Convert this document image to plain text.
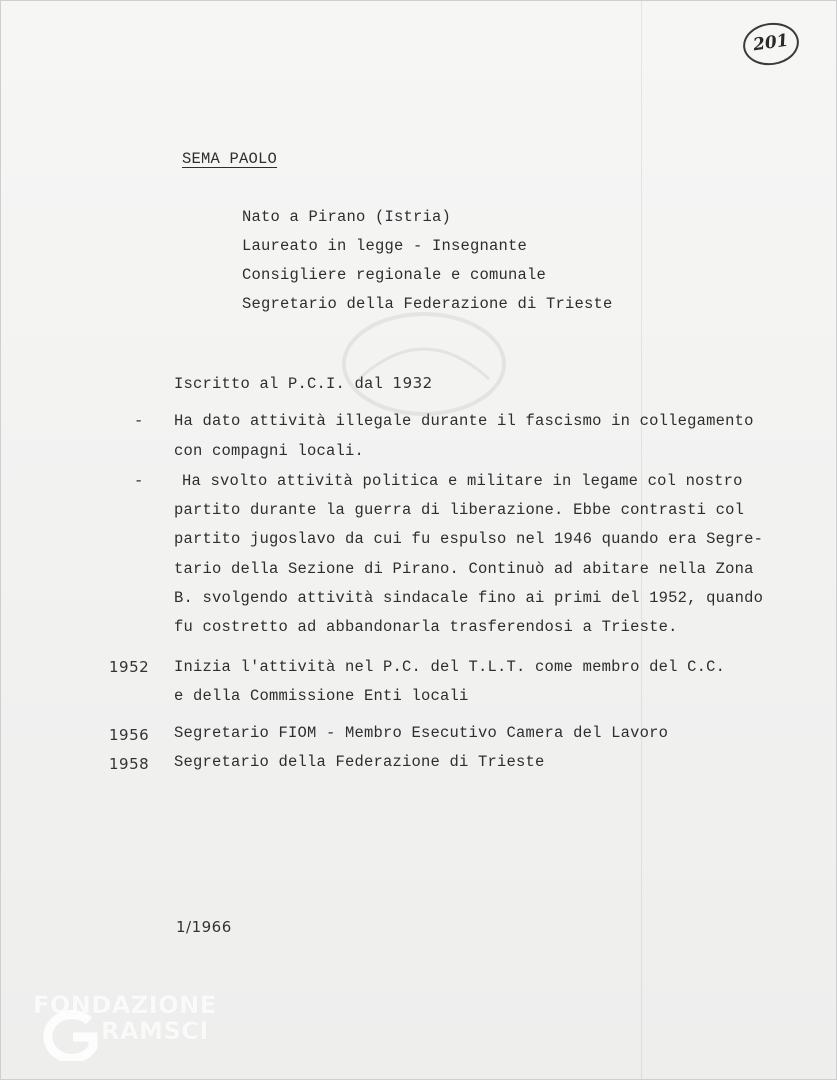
201
SEMA PAOLO
Nato a Pirano (Istria)
Laureato in legge - Insegnante
Consigliere regionale e comunale
Segretario della Federazione di Trieste
Iscritto al P.C.I. dal 1932
- Ha dato attività illegale durante il fascismo in collegamento
con compagni locali.
- Ha svolto attività politica e militare in legame col nostro
partito durante la guerra di liberazione. Ebbe contrasti col
partito jugoslavo da cui fu espulso nel 1946 quando era Segre-
tario della Sezione di Pirano. Continuò ad abitare nella Zona
B. svolgendo attività sindacale fino ai primi del 1952, quando
fu costretto ad abbandonarla trasferendosi a Trieste.
1952 Inizia l'attività nel P.C. del T.L.T. come membro del C.C.
e della Commissione Enti locali
1956 Segretario FIOM - Membro Esecutivo Camera del Lavoro
1958 Segretario della Federazione di Trieste
1/1966
FONDAZIONE
RAMSCI
